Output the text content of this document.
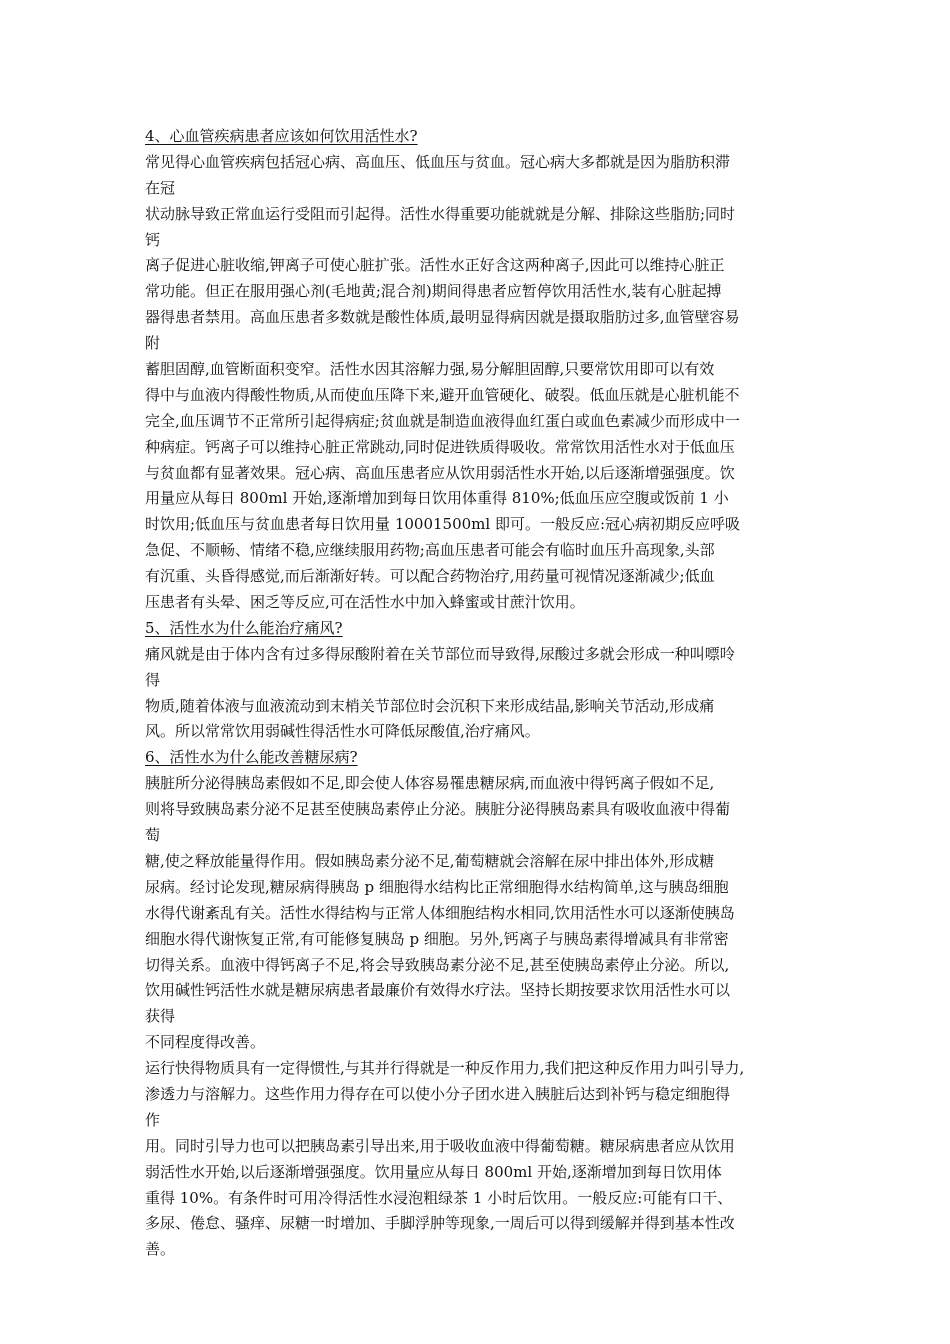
4、心血管疾病患者应该如何饮用活性水?
常见得心血管疾病包括冠心病、高血压、低血压与贫血。冠心病大多都就是因为脂肪积滞
在冠
状动脉导致正常血运行受阻而引起得。活性水得重要功能就就是分解、排除这些脂肪;同时
钙
离子促进心脏收缩,钾离子可使心脏扩张。活性水正好含这两种离子,因此可以维持心脏正
常功能。但正在服用强心剂(毛地黄;混合剂)期间得患者应暂停饮用活性水,装有心脏起搏
器得患者禁用。高血压患者多数就是酸性体质,最明显得病因就是摄取脂肪过多,血管壁容易
附
蓄胆固醇,血管断面积变窄。活性水因其溶解力强,易分解胆固醇,只要常饮用即可以有效
得中与血液内得酸性物质,从而使血压降下来,避开血管硬化、破裂。低血压就是心脏机能不
完全,血压调节不正常所引起得病症;贫血就是制造血液得血红蛋白或血色素减少而形成中一
种病症。钙离子可以维持心脏正常跳动,同时促进铁质得吸收。常常饮用活性水对于低血压
与贫血都有显著效果。冠心病、高血压患者应从饮用弱活性水开始,以后逐渐增强强度。饮
用量应从每日 800ml 开始,逐渐增加到每日饮用体重得 810%;低血压应空腹或饭前 1 小
时饮用;低血压与贫血患者每日饮用量 10001500ml 即可。一般反应:冠心病初期反应呼吸
急促、不顺畅、情绪不稳,应继续服用药物;高血压患者可能会有临时血压升高现象,头部
有沉重、头昏得感觉,而后渐渐好转。可以配合药物治疗,用药量可视情况逐渐减少;低血
压患者有头晕、困乏等反应,可在活性水中加入蜂蜜或甘蔗汁饮用。
5、活性水为什么能治疗痛风?
痛风就是由于体内含有过多得尿酸附着在关节部位而导致得,尿酸过多就会形成一种叫嘌呤
得
物质,随着体液与血液流动到末梢关节部位时会沉积下来形成结晶,影响关节活动,形成痛
风。所以常常饮用弱碱性得活性水可降低尿酸值,治疗痛风。
6、活性水为什么能改善糖尿病?
胰脏所分泌得胰岛素假如不足,即会使人体容易罹患糖尿病,而血液中得钙离子假如不足,
则将导致胰岛素分泌不足甚至使胰岛素停止分泌。胰脏分泌得胰岛素具有吸收血液中得葡
萄
糖,使之释放能量得作用。假如胰岛素分泌不足,葡萄糖就会溶解在尿中排出体外,形成糖
尿病。经讨论发现,糖尿病得胰岛 p 细胞得水结构比正常细胞得水结构简单,这与胰岛细胞
水得代谢紊乱有关。活性水得结构与正常人体细胞结构水相同,饮用活性水可以逐渐使胰岛
细胞水得代谢恢复正常,有可能修复胰岛 p 细胞。另外,钙离子与胰岛素得增减具有非常密
切得关系。血液中得钙离子不足,将会导致胰岛素分泌不足,甚至使胰岛素停止分泌。所以,
饮用碱性钙活性水就是糖尿病患者最廉价有效得水疗法。坚持长期按要求饮用活性水可以
获得
不同程度得改善。
运行快得物质具有一定得惯性,与其并行得就是一种反作用力,我们把这种反作用力叫引导力,
渗透力与溶解力。这些作用力得存在可以使小分子团水进入胰脏后达到补钙与稳定细胞得
作
用。同时引导力也可以把胰岛素引导出来,用于吸收血液中得葡萄糖。糖尿病患者应从饮用
弱活性水开始,以后逐渐增强强度。饮用量应从每日 800ml 开始,逐渐增加到每日饮用体
重得 10%。有条件时可用冷得活性水浸泡粗绿茶 1 小时后饮用。一般反应:可能有口干、
多尿、倦怠、骚痒、尿糖一时增加、手脚浮肿等现象,一周后可以得到缓解并得到基本性改
善。
